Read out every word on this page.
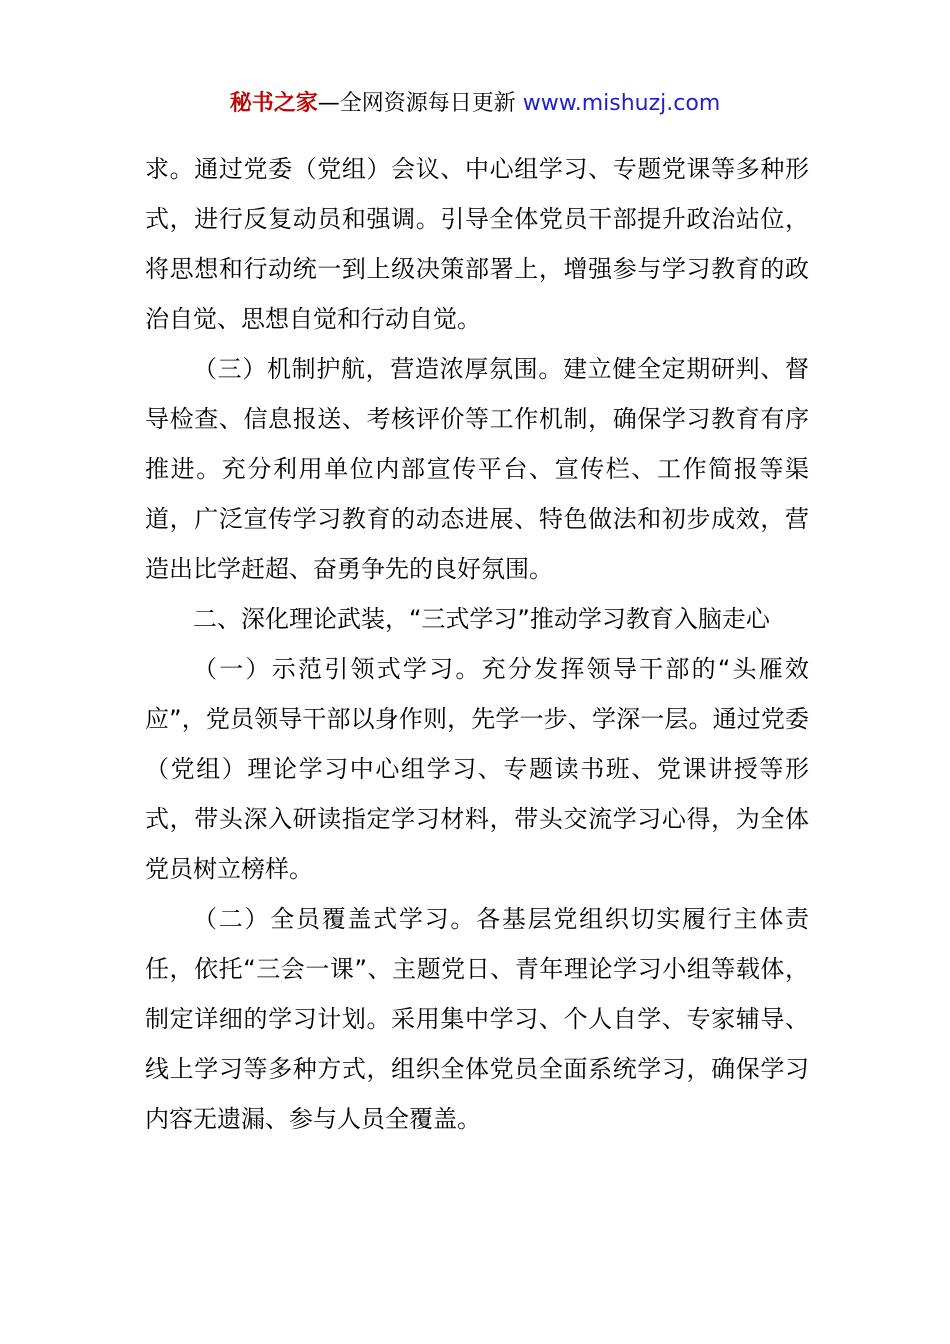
秘书之家—全网资源每日更新 www.mishuzj.com

求。通过党委（党组）会议、中心组学习、专题党课等多种形式，进行反复动员和强调。引导全体党员干部提升政治站位，将思想和行动统一到上级决策部署上，增强参与学习教育的政治自觉、思想自觉和行动自觉。

（三）机制护航，营造浓厚氛围。建立健全定期研判、督导检查、信息报送、考核评价等工作机制，确保学习教育有序推进。充分利用单位内部宣传平台、宣传栏、工作简报等渠道，广泛宣传学习教育的动态进展、特色做法和初步成效，营造出比学赶超、奋勇争先的良好氛围。

二、深化理论武装，“三式学习”推动学习教育入脑走心

（一）示范引领式学习。充分发挥领导干部的“头雁效应”，党员领导干部以身作则，先学一步、学深一层。通过党委（党组）理论学习中心组学习、专题读书班、党课讲授等形式，带头深入研读指定学习材料，带头交流学习心得，为全体党员树立榜样。

（二）全员覆盖式学习。各基层党组织切实履行主体责任，依托“三会一课”、主题党日、青年理论学习小组等载体，制定详细的学习计划。采用集中学习、个人自学、专家辅导、线上学习等多种方式，组织全体党员全面系统学习，确保学习内容无遗漏、参与人员全覆盖。
